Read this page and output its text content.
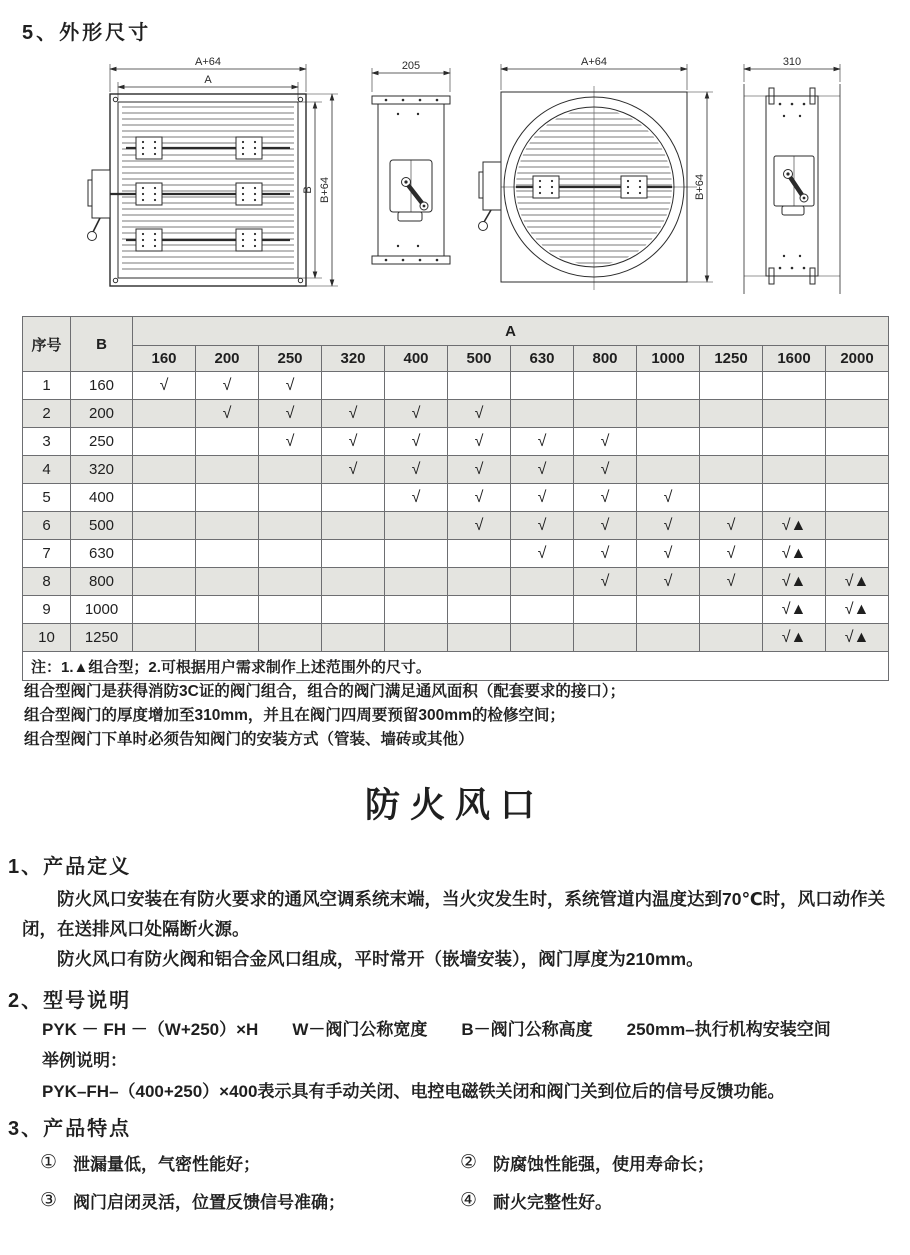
5、外形尺寸
A+64
A
B B+64
205	A+64
B+64
310
序号	B	A											
		160	200	250	320	400	500	630	800	1000	1250	1600	2000
1	160	√	√	√									
2	200		√	√	√	√	√						
3	250			√	√	√	√	√	√				
4	320				√	√	√	√	√				
5	400					√	√	√	√	√			
6	500						√	√	√	√	√	√▲	
7	630							√	√	√	√	√▲	
8	800								√	√	√	√▲	√▲
9	1000											√▲	√▲
10	1250											√▲	√▲
注：1.▲组合型；2.可根据用户需求制作上述范围外的尺寸。													
组合型阀门是获得消防3C证的阀门组合，组合的阀门满足通风面积（配套要求的接口）；
组合型阀门的厚度增加至310mm，并且在阀门四周要预留300mm的检修空间；
组合型阀门下单时必须告知阀门的安装方式（管装、墙砖或其他）
防火风口
1、产品定义

防火风口安装在有防火要求的通风空调系统末端，当火灾发生时，系统管道内温度达到70℃时，风口动作关闭，在送排风口处隔断火源。

防火风口有防火阀和铝合金风口组成，平时常开（嵌墙安装），阀门厚度为210mm。

2、型号说明
PYK － FH －（W+250）×H　　W－阀门公称宽度　　B－阀门公称高度　　250mm–执行机构安装空间
举例说明：
PYK–FH–（400+250）×400表示具有手动关闭、电控电磁铁关闭和阀门关到位后的信号反馈功能。
3、产品特点
① 泄漏量低，气密性能好；	② 防腐蚀性能强，使用寿命长；
③ 阀门启闭灵活，位置反馈信号准确；	④ 耐火完整性好。
